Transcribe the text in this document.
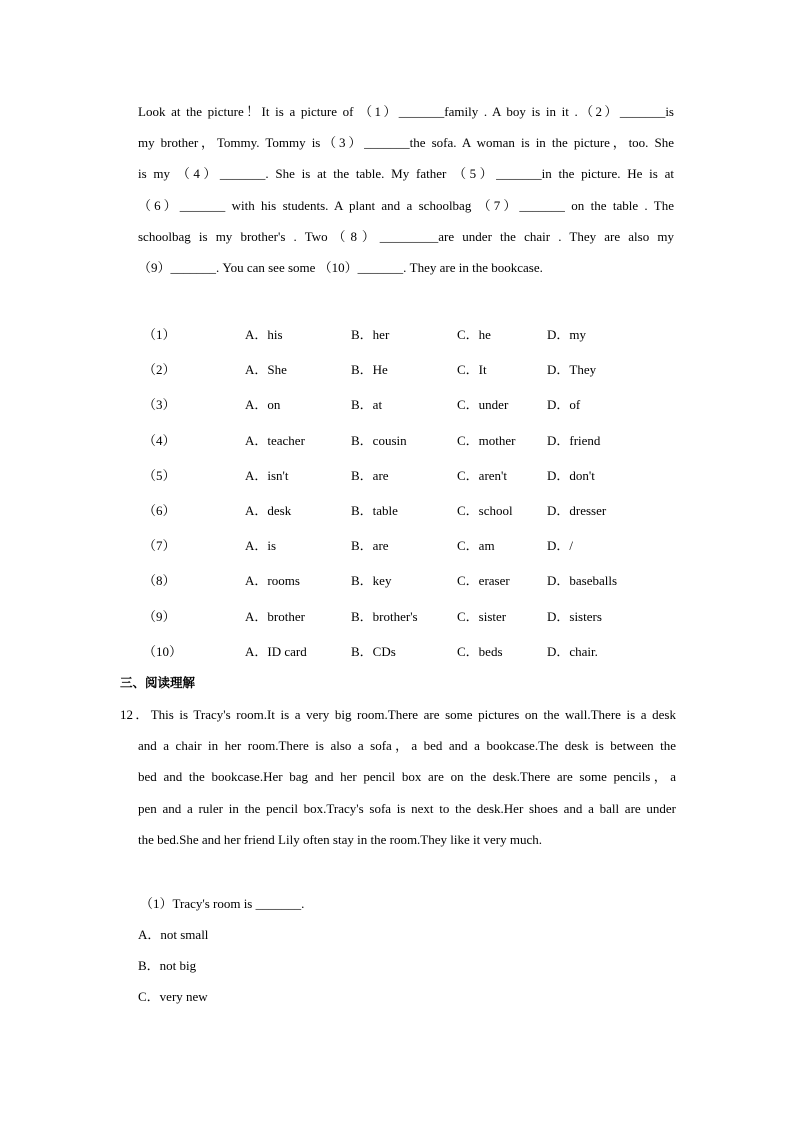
Look at the picture！It is a picture of （1）_______family . A boy is in it .（2）_______is
my brother，Tommy. Tommy is（3）_______the sofa. A woman is in the picture，too. She
is my （4）_______. She is at the table. My father （5）_______in the picture. He is at
（6）_______ with his students. A plant and a schoolbag （7）_______ on the table . The
schoolbag is my brother's . Two（8）_________are under the chair . They are also my
（9）_______. You can see some （10）_______. They are in the bookcase.
（1）	A．his	B．her	C．he	D．my
（2）	A．She	B．He	C．It	D．They
（3）	A．on	B．at	C．under	D．of
（4）	A．teacher	B．cousin	C．mother D．friend
（5）	A．isn't	B．are	C．aren't	D．don't
（6）	A．desk	B．table	C．school	D．dresser
（7）	A．is	B．are	C．am	D．/
（8）	A．rooms	B．key	C．eraser	D．baseballs
（9）	A．brother	B．brother's	C．sister	D．sisters
（10）	A．ID card	B．CDs	C．beds	D．chair.
三、阅读理解
12．This is Tracy's room.It is a very big room.There are some pictures on the wall.There is a desk
and a chair in her room.There is also a sofa，a bed and a bookcase.The desk is between the
bed and the bookcase.Her bag and her pencil box are on the desk.There are some pencils，a
pen and a ruler in the pencil box.Tracy's sofa is next to the desk.Her shoes and a ball are under
the bed.She and her friend Lily often stay in the room.They like it very much.
（1）Tracy's room is _______.
A．not small
B．not big
C．very new
